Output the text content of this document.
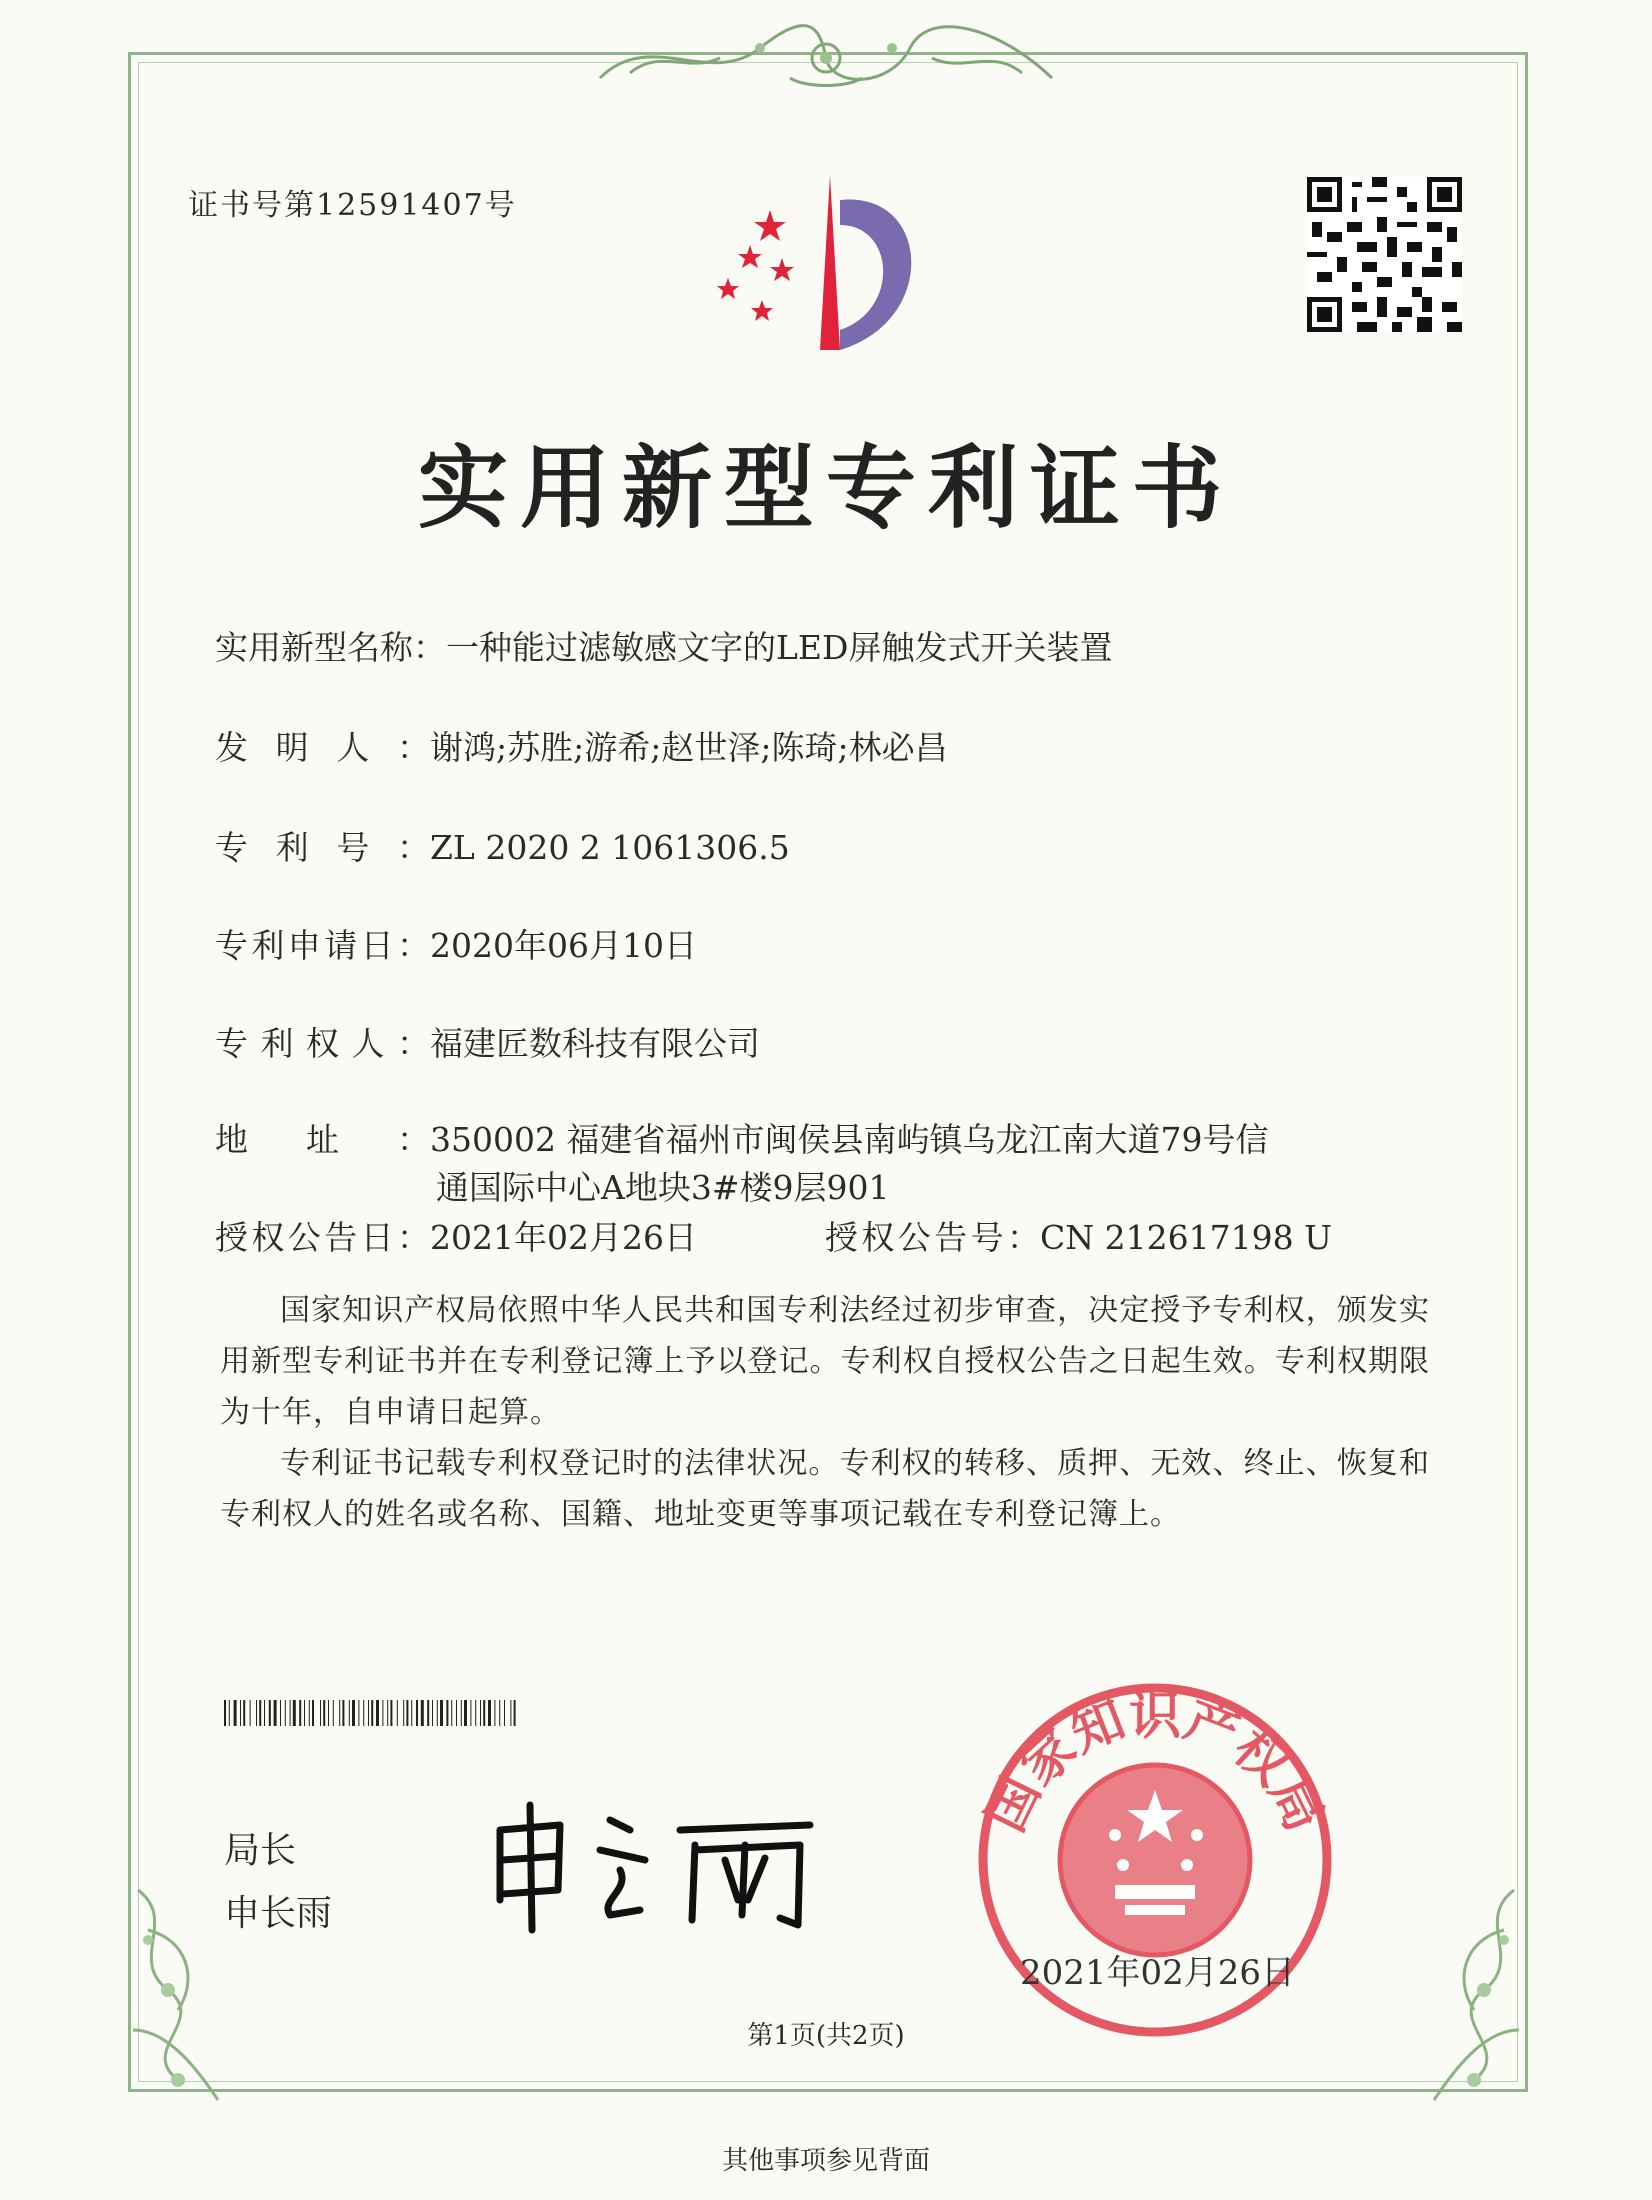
证书号第12591407号
实用新型专利证书
实用新型名称：一种能过滤敏感文字的LED屏触发式开关装置
发明人：谢鸿;苏胜;游希;赵世泽;陈琦;林必昌
专利号：ZL 2020 2 1061306.5
专利申请日：2020年06月10日
专利权人：福建匠数科技有限公司
地址：350002 福建省福州市闽侯县南屿镇乌龙江南大道79号信
通国际中心A地块3#楼9层901
授权公告日：2021年02月26日	授权公告号：CN 212617198 U
国家知识产权局依照中华人民共和国专利法经过初步审查，决定授予专利权，颁发实用新型专利证书并在专利登记簿上予以登记。专利权自授权公告之日起生效。专利权期限为十年，自申请日起算。
专利证书记载专利权登记时的法律状况。专利权的转移、质押、无效、终止、恢复和专利权人的姓名或名称、国籍、地址变更等事项记载在专利登记簿上。
局长
申长雨
国家知识产权局
2021年02月26日
第1页(共2页)
其他事项参见背面
